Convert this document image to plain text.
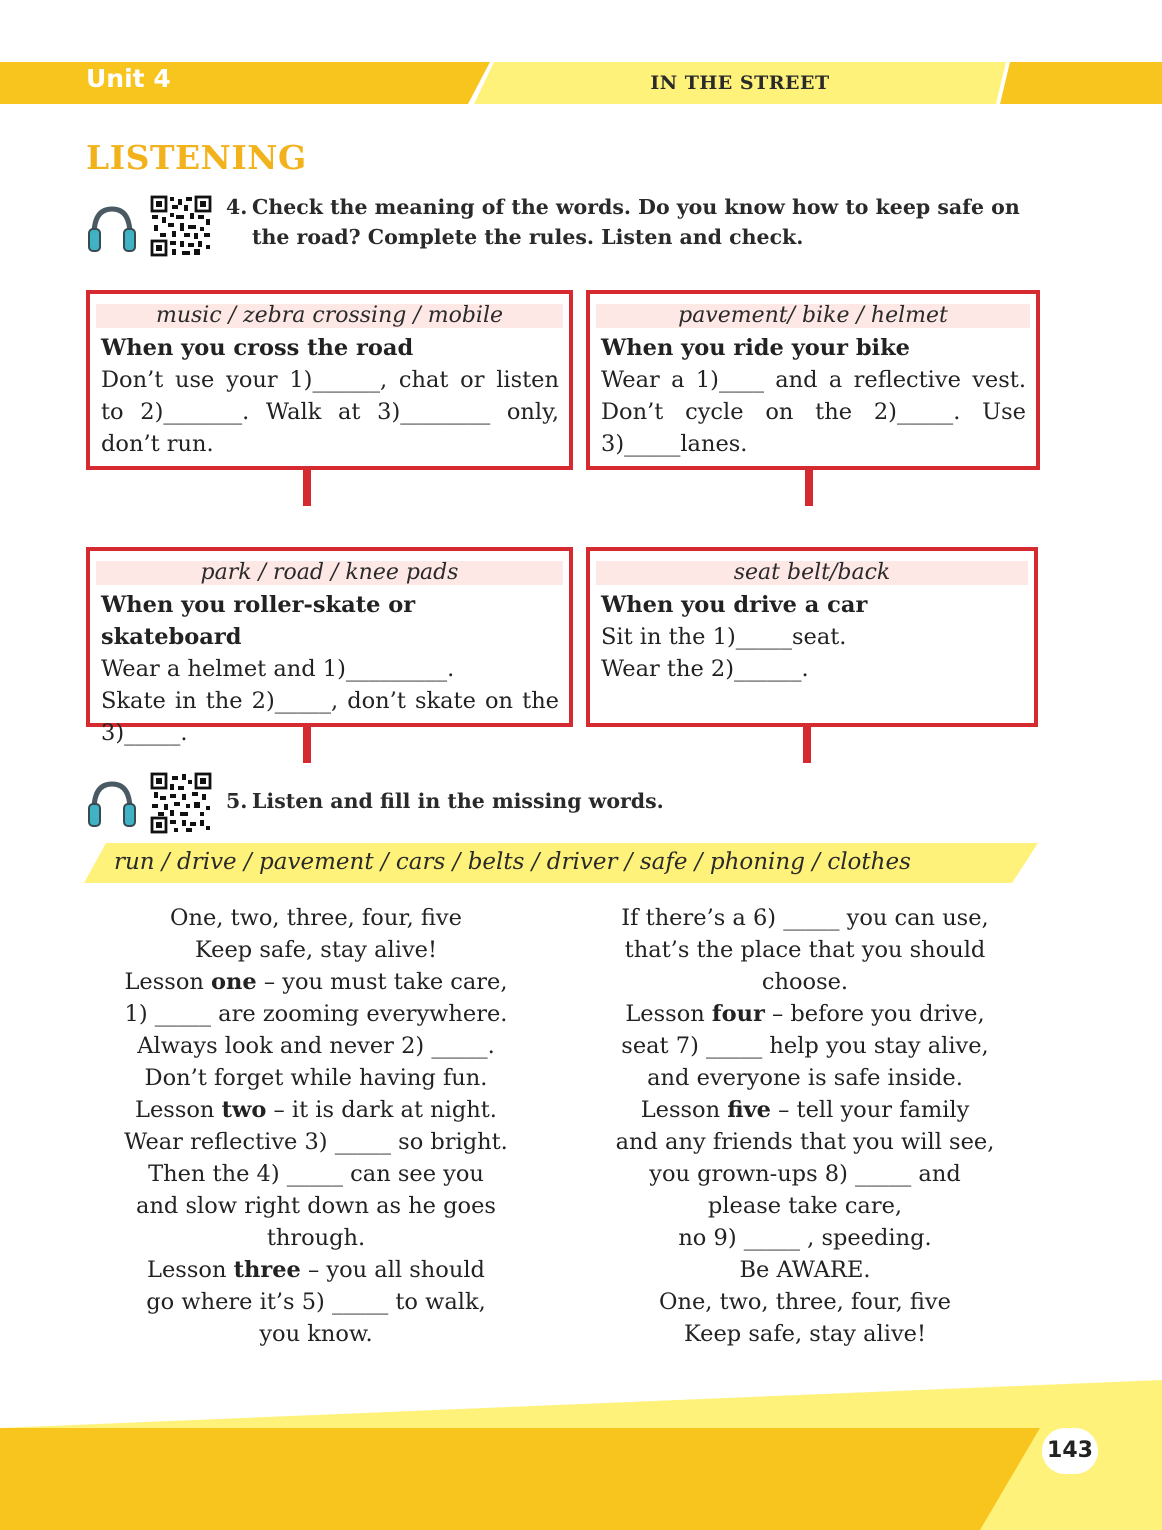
Unit 4	IN THE STREET
LISTENING
4. Check the meaning of the words. Do you know how to keep safe on
the road? Complete the rules. Listen and check.
music / zebra crossing / mobile
When you cross the road
Don’t use your 1)______, chat or listen to 2)_______. Walk at 3)________ only, don’t run.
pavement/ bike / helmet
When you ride your bike
Wear a 1)____ and a reflective vest. Don’t cycle on the 2)_____. Use 3)_____lanes.
park / road / knee pads
When you roller-skate or skateboard
Wear a helmet and 1)_________.
Skate in the 2)_____, don’t skate on the 3)_____.
seat belt/back
When you drive a car
Sit in the 1)_____seat.
Wear the 2)______.
5. Listen and fill in the missing words.
run / drive / pavement / cars / belts / driver / safe / phoning / clothes
One, two, three, four, five
Keep safe, stay alive!
Lesson one – you must take care,
1) _____ are zooming everywhere.
Always look and never 2) _____.
Don’t forget while having fun.
Lesson two – it is dark at night.
Wear reflective 3) _____ so bright.
Then the 4) _____ can see you
and slow right down as he goes
through.
Lesson three – you all should
go where it’s 5) _____ to walk,
you know.
If there’s a 6) _____ you can use,
that’s the place that you should
choose.
Lesson four – before you drive,
seat 7) _____ help you stay alive,
and everyone is safe inside.
Lesson five – tell your family
and any friends that you will see,
you grown-ups 8) _____ and
please take care,
no 9) _____ , speeding.
Be AWARE.
One, two, three, four, five
Keep safe, stay alive!
143
